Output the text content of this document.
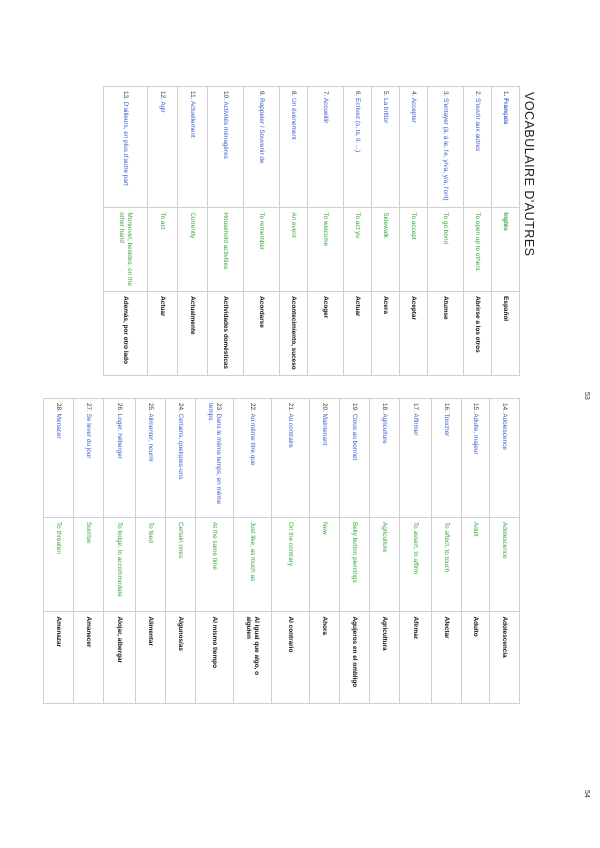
VOCABULAIRE D'AUTRES
53
54
1. Français	Inglés	Español
2. S'ouvrir aux autres	To open up to others	Abrirse a los otros
3. S'entayer (à, à le, l'e, y/va, y/a, l'ont)	To go bond	Atumse
4. Accepter	To accept	Aceptar
5. La brittor	Sidewalk	Acera
6. Ecrivez (s, ts, ll, ...)	To act yu	Actuar
7. Accueillir	To welcome	Acoger
8. Un événement	An event	Acontecimiento, suceso
9. Rappeler / Souvenir de	To remember	Acordarse
10. Activités ménagères	Household activities	Actividades domésticas
11. Actuellement	Currently	Actualmente
12. Agir	To act	Actuar
13. D'ailleurs, en plus d'autre part	Moreover, besides, on the other hand	Además, por otro lado
14. Adolescence	Adolescence	Adolescencia
15. Adulte, majeur	Adult	Adulto
16. Toucher	To affect, to touch	Afectar
17. Affirmer	To assert, to affirm	Afirmar
18. Agriculture	Agriculture	Agricultura
19. Clous au bonnet	Belly button piercings	Agujeros en el ombligo
20. Maintenant	Now	Ahora
21. Au contraire	On the contrary	Al contrario
22. Au même titre que	Just like, as much as	Al igual que algo, o alguien
23. Dans le même temps, en même temps	At the same time	Al mismo tiempo
24. Certains, quelques-uns	Certain ones	Algunos/as
25. Alimenter, nourrir	To feed	Alimentar
26. Loger, héberger	To lodge, to accommodate	Alojar, albergar
27. Se lever du jour	Sunrise	Amanecer
28. Menacer	To threaten	Amenazar
